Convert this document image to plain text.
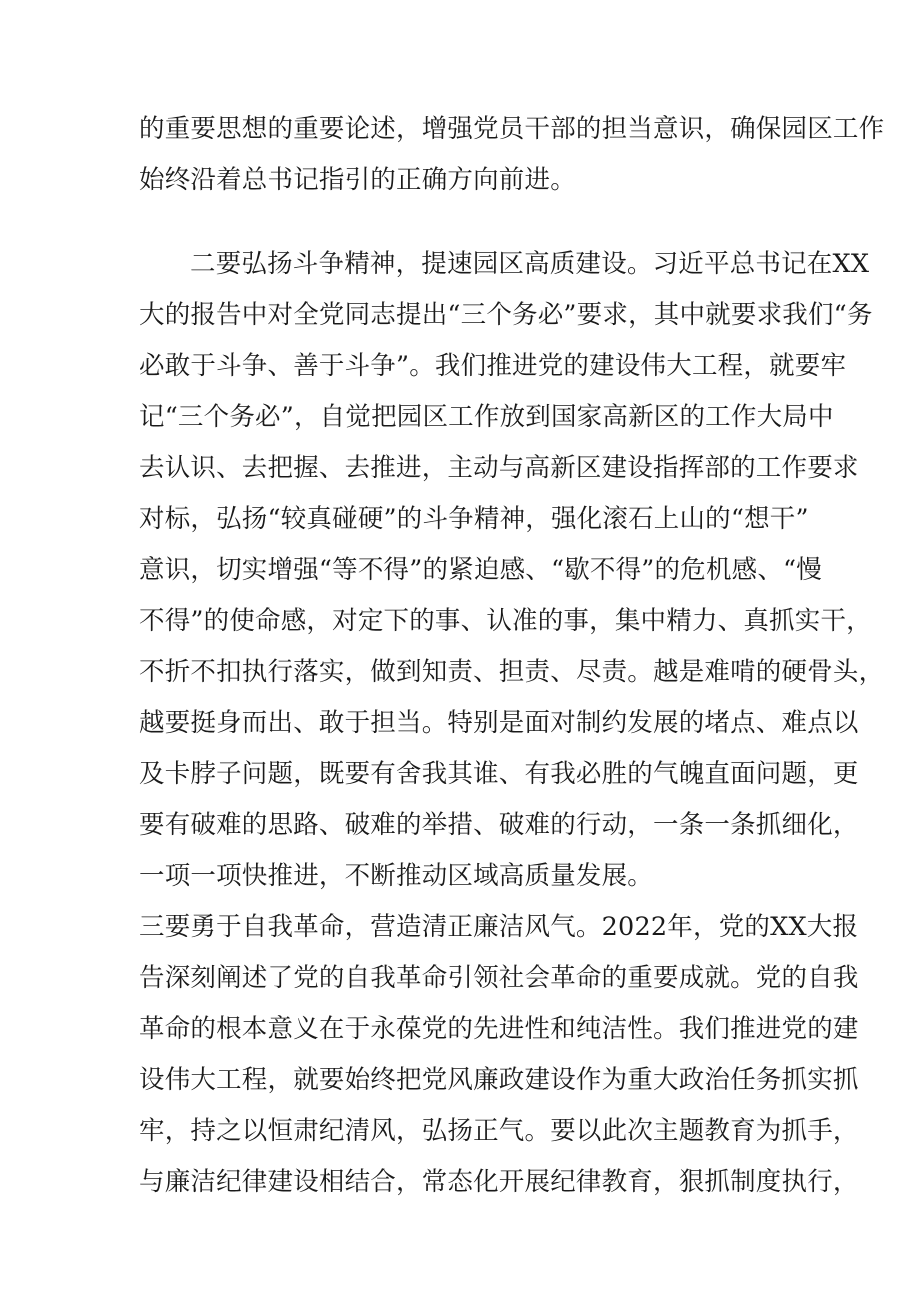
的重要思想的重要论述，增强党员干部的担当意识，确保园区工作
始终沿着总书记指引的正确方向前进。
二要弘扬斗争精神，提速园区高质建设。习近平总书记在XX
大的报告中对全党同志提出“三个务必”要求，其中就要求我们“务
必敢于斗争、善于斗争”。我们推进党的建设伟大工程，就要牢
记“三个务必”，自觉把园区工作放到国家高新区的工作大局中
去认识、去把握、去推进，主动与高新区建设指挥部的工作要求
对标，弘扬“较真碰硬”的斗争精神，强化滚石上山的“想干”
意识，切实增强“等不得”的紧迫感、“歇不得”的危机感、“慢
不得”的使命感，对定下的事、认准的事，集中精力、真抓实干，
不折不扣执行落实，做到知责、担责、尽责。越是难啃的硬骨头，
越要挺身而出、敢于担当。特别是面对制约发展的堵点、难点以
及卡脖子问题，既要有舍我其谁、有我必胜的气魄直面问题，更
要有破难的思路、破难的举措、破难的行动，一条一条抓细化，
一项一项快推进，不断推动区域高质量发展。
三要勇于自我革命，营造清正廉洁风气。2022年，党的XX大报
告深刻阐述了党的自我革命引领社会革命的重要成就。党的自我
革命的根本意义在于永葆党的先进性和纯洁性。我们推进党的建
设伟大工程，就要始终把党风廉政建设作为重大政治任务抓实抓
牢，持之以恒肃纪清风，弘扬正气。要以此次主题教育为抓手，
与廉洁纪律建设相结合，常态化开展纪律教育，狠抓制度执行，
